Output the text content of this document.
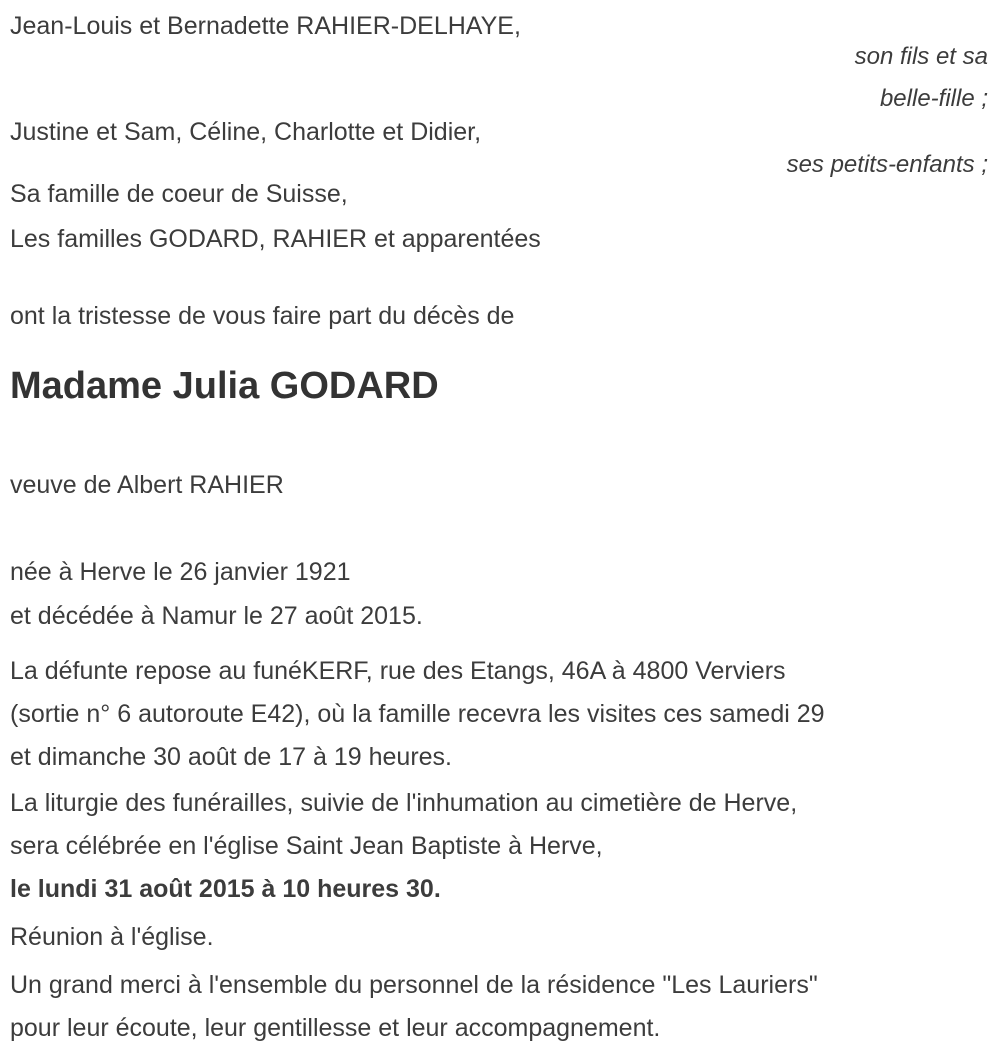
Jean-Louis et Bernadette RAHIER-DELHAYE,

son fils et sa belle-fille ;

Justine et Sam, Céline, Charlotte et Didier,

ses petits-enfants ;

Sa famille de coeur de Suisse,

Les familles GODARD, RAHIER et apparentées

ont la tristesse de vous faire part du décès de

Madame Julia GODARD

veuve de Albert RAHIER

née à Herve le 26 janvier 1921

et décédée à Namur le 27 août 2015.

La défunte repose au funéKERF, rue des Etangs, 46A à 4800 Verviers

(sortie n° 6 autoroute E42), où la famille recevra les visites ces samedi 29

et dimanche 30 août de 17 à 19 heures.

La liturgie des funérailles, suivie de l'inhumation au cimetière de Herve,

sera célébrée en l'église Saint Jean Baptiste à Herve,

le lundi 31 août 2015 à 10 heures 30.

Réunion à l'église.

Un grand merci à l'ensemble du personnel de la résidence "Les Lauriers"

pour leur écoute, leur gentillesse et leur accompagnement.
